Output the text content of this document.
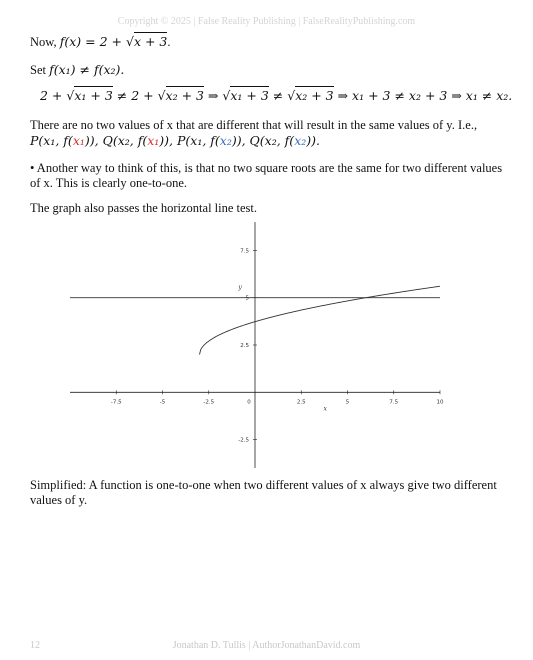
Copyright © 2025 | False Reality Publishing | FalseRealityPublishing.com
Now, f(x) = 2 + √x + 3.
Set f(x₁) ≠ f(x₂).
2 + √x₁ + 3 ≠ 2 + √x₂ + 3 ⇒ √x₁ + 3 ≠ √x₂ + 3 ⇒ x₁ + 3 ≠ x₂ + 3 ⇒ x₁ ≠ x₂.
There are no two values of x that are different that will result in the same values of y. I.e.,
P(x₁, f(x₁)), Q(x₂, f(x₁)), P(x₁, f(x₂)), Q(x₂, f(x₂)).
• Another way to think of this, is that no two square roots are the same for two different values
of x. This is clearly one-to-one.
The graph also passes the horizontal line test.
-7.5	-5	-2.5	0	2.5	5	7.5	10
-2.5
2.5
5
7.5
x
y
Simplified: A function is one-to-one when two different values of x always give two different
values of y.
12	Jonathan D. Tullis | AuthorJonathanDavid.com
